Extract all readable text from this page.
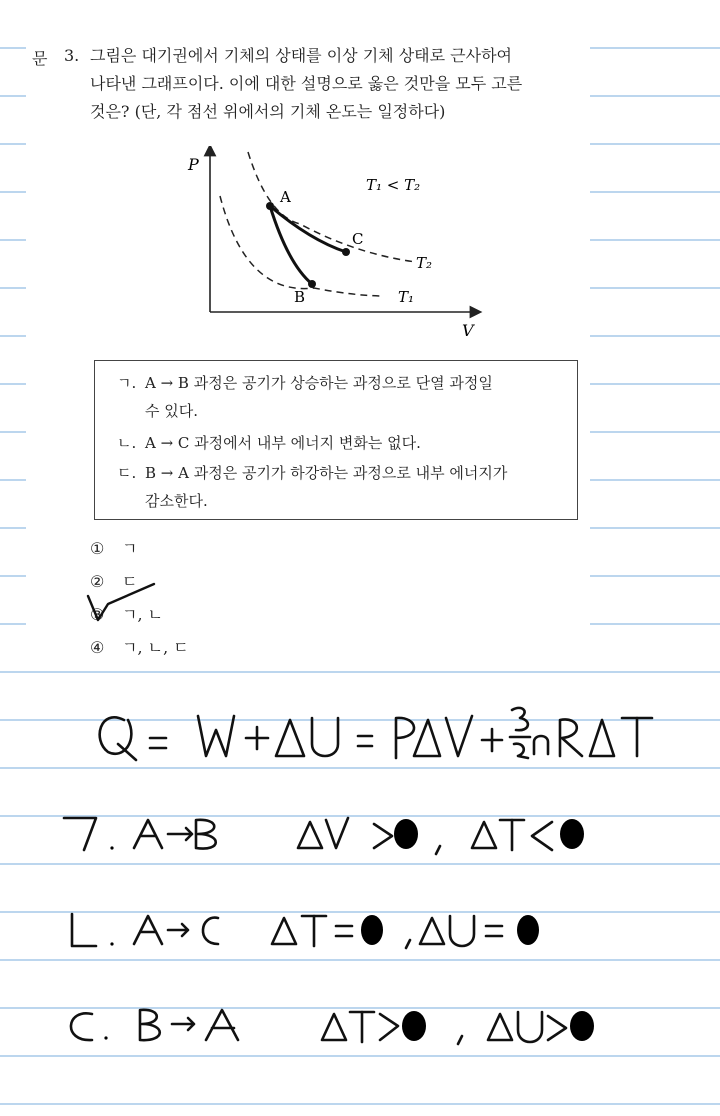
문 3. 그림은 대기권에서 기체의 상태를 이상 기체 상태로 근사하여
나타낸 그래프이다. 이에 대한 설명으로 옳은 것만을 모두 고른
것은? (단, 각 점선 위에서의 기체 온도는 일정하다)

P
V
T₁ < T₂
A
B
C
T₁
T₂
ㄱ. A → B 과정은 공기가 상승하는 과정으로 단열 과정일
수 있다.
ㄴ. A → C 과정에서 내부 에너지 변화는 없다.
ㄷ. B → A 과정은 공기가 하강하는 과정으로 내부 에너지가
감소한다.
① ㄱ
② ㄷ
③ ㄱ, ㄴ
④ ㄱ, ㄴ, ㄷ
